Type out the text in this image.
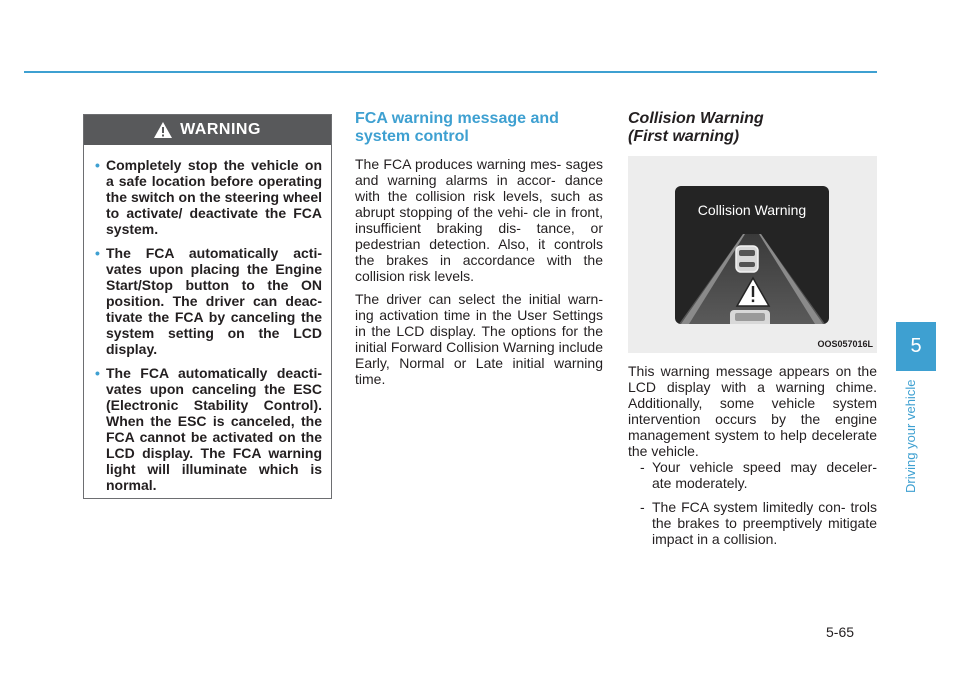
WARNING
• Completely stop the vehicle on a safe location before operating the switch on the steering wheel to activate/ deactivate the FCA system.
• The FCA automatically acti- vates upon placing the Engine Start/Stop button to the ON position. The driver can deac- tivate the FCA by canceling the system setting on the LCD display.
• The FCA automatically deacti- vates upon canceling the ESC (Electronic Stability Control). When the ESC is canceled, the FCA cannot be activated on the LCD display. The FCA warning light will illuminate which is normal.
FCA warning message and system control

The FCA produces warning mes- sages and warning alarms in accor- dance with the collision risk levels, such as abrupt stopping of the vehi- cle in front, insufficient braking dis- tance, or pedestrian detection. Also, it controls the brakes in accordance with the collision risk levels.

The driver can select the initial warn- ing activation time in the User Settings in the LCD display. The options for the initial Forward Collision Warning include Early, Normal or Late initial warning time.

Collision Warning
(First warning)
Collision Warning
OOS057016L

This warning message appears on the LCD display with a warning chime. Additionally, some vehicle system intervention occurs by the engine management system to help decelerate the vehicle.

- Your vehicle speed may deceler- ate moderately.
- The FCA system limitedly con- trols the brakes to preemptively mitigate impact in a collision.
5
Driving your vehicle
5-65
